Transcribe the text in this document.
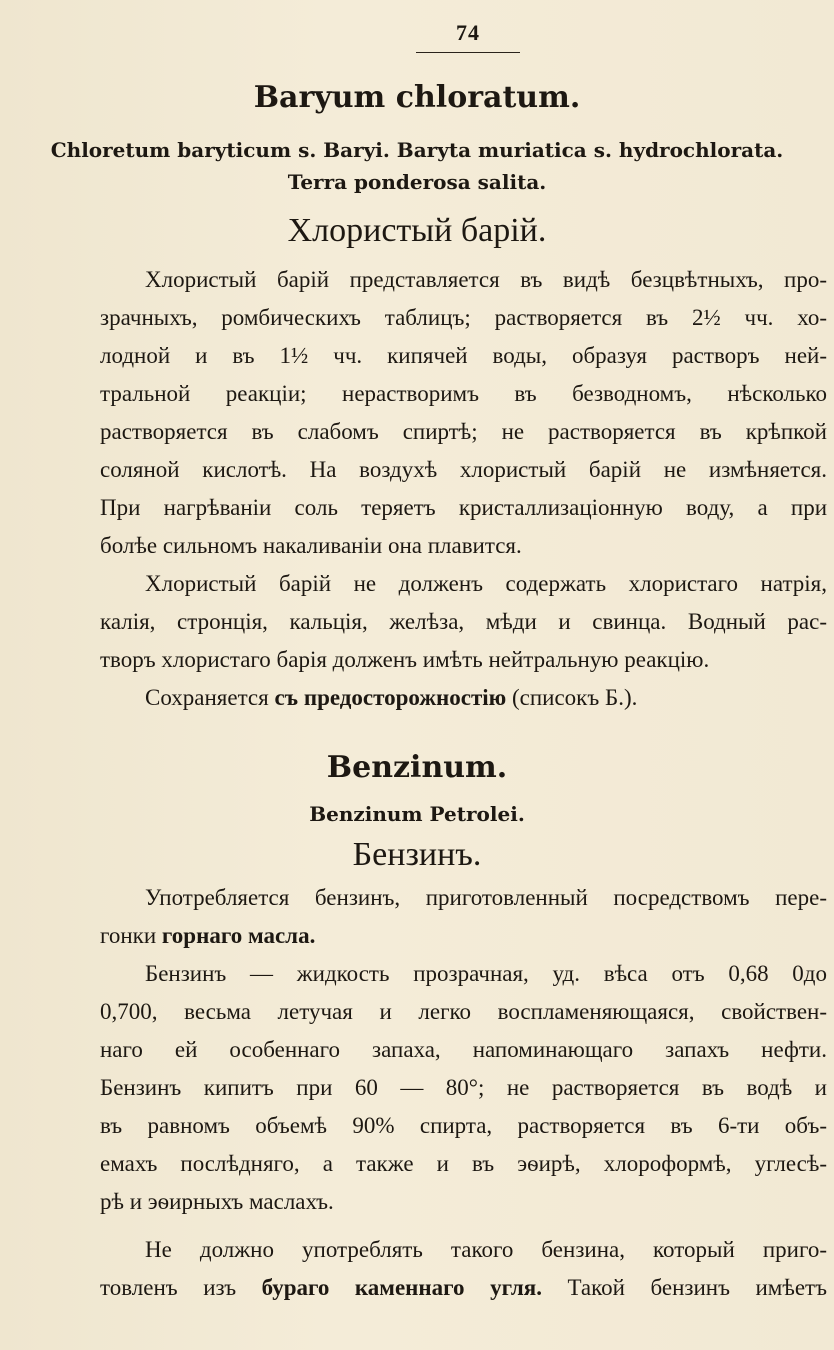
74
Baryum chloratum.
Chloretum baryticum s. Baryi. Baryta muriatica s. hydrochlorata.
Terra ponderosa salita.
Хлористый барій.
Хлористый барій представляется въ видѣ безцвѣтныхъ, про-
зрачныхъ, ромбическихъ таблицъ; растворяется въ 2½ чч. хо-
лодной и въ 1½ чч. кипячей воды, образуя растворъ ней-
тральной реакціи; нерастворимъ въ безводномъ, нѣсколько
растворяется въ слабомъ спиртѣ; не растворяется въ крѣпкой
соляной кислотѣ. На воздухѣ хлористый барій не измѣняется.
При нагрѣваніи соль теряетъ кристаллизаціонную воду, а при
болѣе сильномъ накаливаніи она плавится.
Хлористый барій не долженъ содержать хлористаго натрія,
калія, стронція, кальція, желѣза, мѣди и свинца. Водный рас-
творъ хлористаго барія долженъ имѣть нейтральную реакцію.
Сохраняется съ предосторожностію (списокъ Б.).
Benzinum.
Benzinum Petrolei.
Бензинъ.
Употребляется бензинъ, приготовленный посредствомъ пере-
гонки горнаго масла.
Бензинъ — жидкость прозрачная, уд. вѣса отъ 0,68 0до
0,700, весьма летучая и легко воспламеняющаяся, свойствен-
наго ей особеннаго запаха, напоминающаго запахъ нефти.
Бензинъ кипитъ при 60 — 80°; не растворяется въ водѣ и
въ равномъ объемѣ 90% спирта, растворяется въ 6-ти объ-
емахъ послѣдняго, а также и въ эѳирѣ, хлороформѣ, углесѣ-
рѣ и эѳирныхъ маслахъ.
Не должно употреблять такого бензина, который приго-
товленъ изъ бураго каменнаго угля. Такой бензинъ имѣетъ
